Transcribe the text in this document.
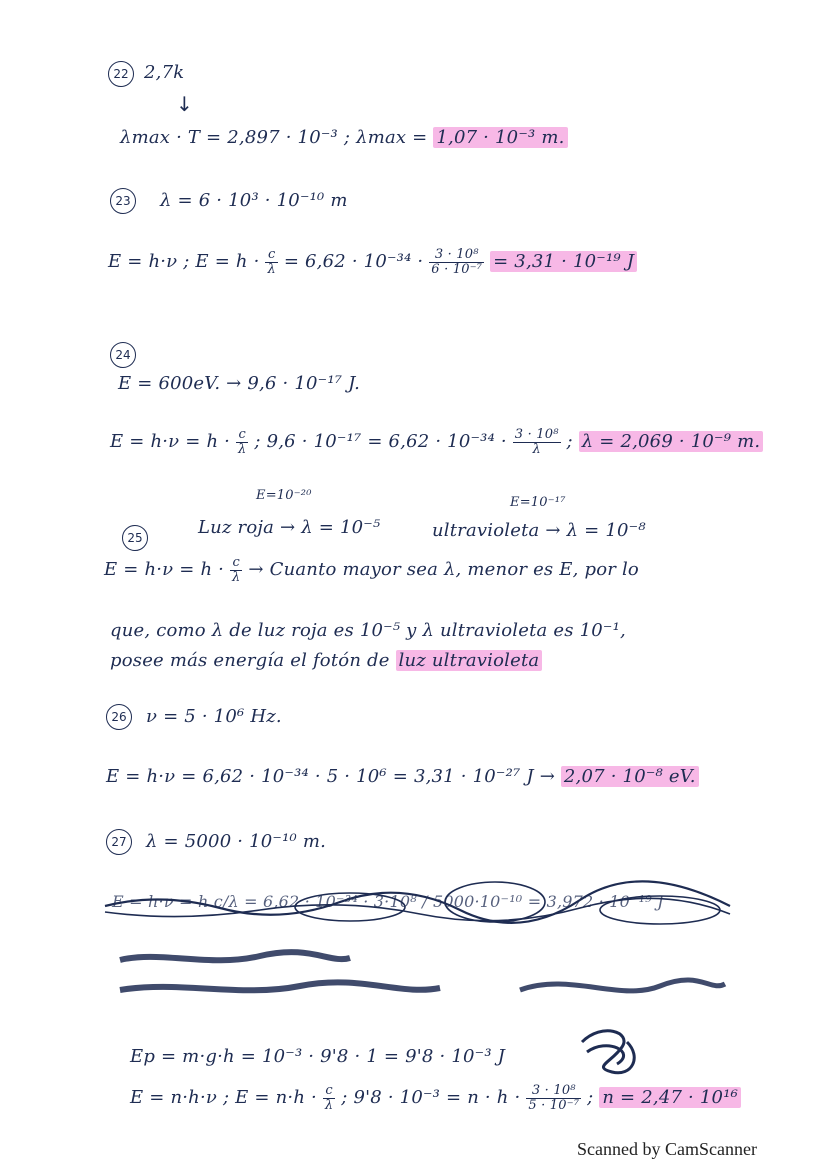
22 2,7k
↓
λmax · T = 2,897 · 10⁻³ ; λmax = 1,07 · 10⁻³ m.
23 λ = 6 · 10³ · 10⁻¹⁰ m
E = h·ν ; $E = h \cdot \frac{c}{\lambda} = 6,62 \cdot 10^{-34} \cdot \frac{\text{3 · 10⁸}}{\text{6 · 10⁻⁷}} = 3,31 \cdot 10^{-19}$ J
24
E = 600eV. → 9,6 · 10⁻¹⁷ J.
$E = h\cdot\nu = h \cdot \frac{c}{\lambda}$ ; $9,6 \cdot 10^{-17} = 6,62 \cdot 10^{-34} \cdot \frac{\text{3 · 10⁸}}{\lambda}$ ; λ = 2,069 · 10⁻⁹ m.
E=10⁻²⁰	E=10⁻¹⁷
25	Luz roja → λ = 10⁻⁵	ultravioleta → λ = 10⁻⁸
$E = h\cdot\nu = h \cdot \frac{c}{\lambda}$ → Cuanto mayor sea λ, menor es E, por lo
que, como λ de luz roja es 10⁻⁵ y λ ultravioleta es 10⁻¹,
posee más energía el fotón de luz ultravioleta
26 ν = 5 · 10⁶ Hz.
E = h·ν = 6,62 · 10⁻³⁴ · 5 · 10⁶ = 3,31 · 10⁻²⁷ J → 2,07 · 10⁻⁸ eV.
27 λ = 5000 · 10⁻¹⁰ m.
E = h·ν = h c/λ = 6,62 · 10⁻³⁴ · 3·10⁸ / 5000·10⁻¹⁰ = 3,972 · 10⁻¹⁹ J
Ep = m·g·h = 10⁻³ · 9'8 · 1 = 9'8 · 10⁻³ J
E = n·h·ν ; $E = n\cdot h \cdot \frac{c}{\lambda}$ ; $9'8 \cdot 10^{-3} = n \cdot h \cdot \frac{\text{3 · 10⁸}}{\text{5 · 10⁻⁷}}$ ; n = 2,47 · 10¹⁶
Scanned by CamScanner
